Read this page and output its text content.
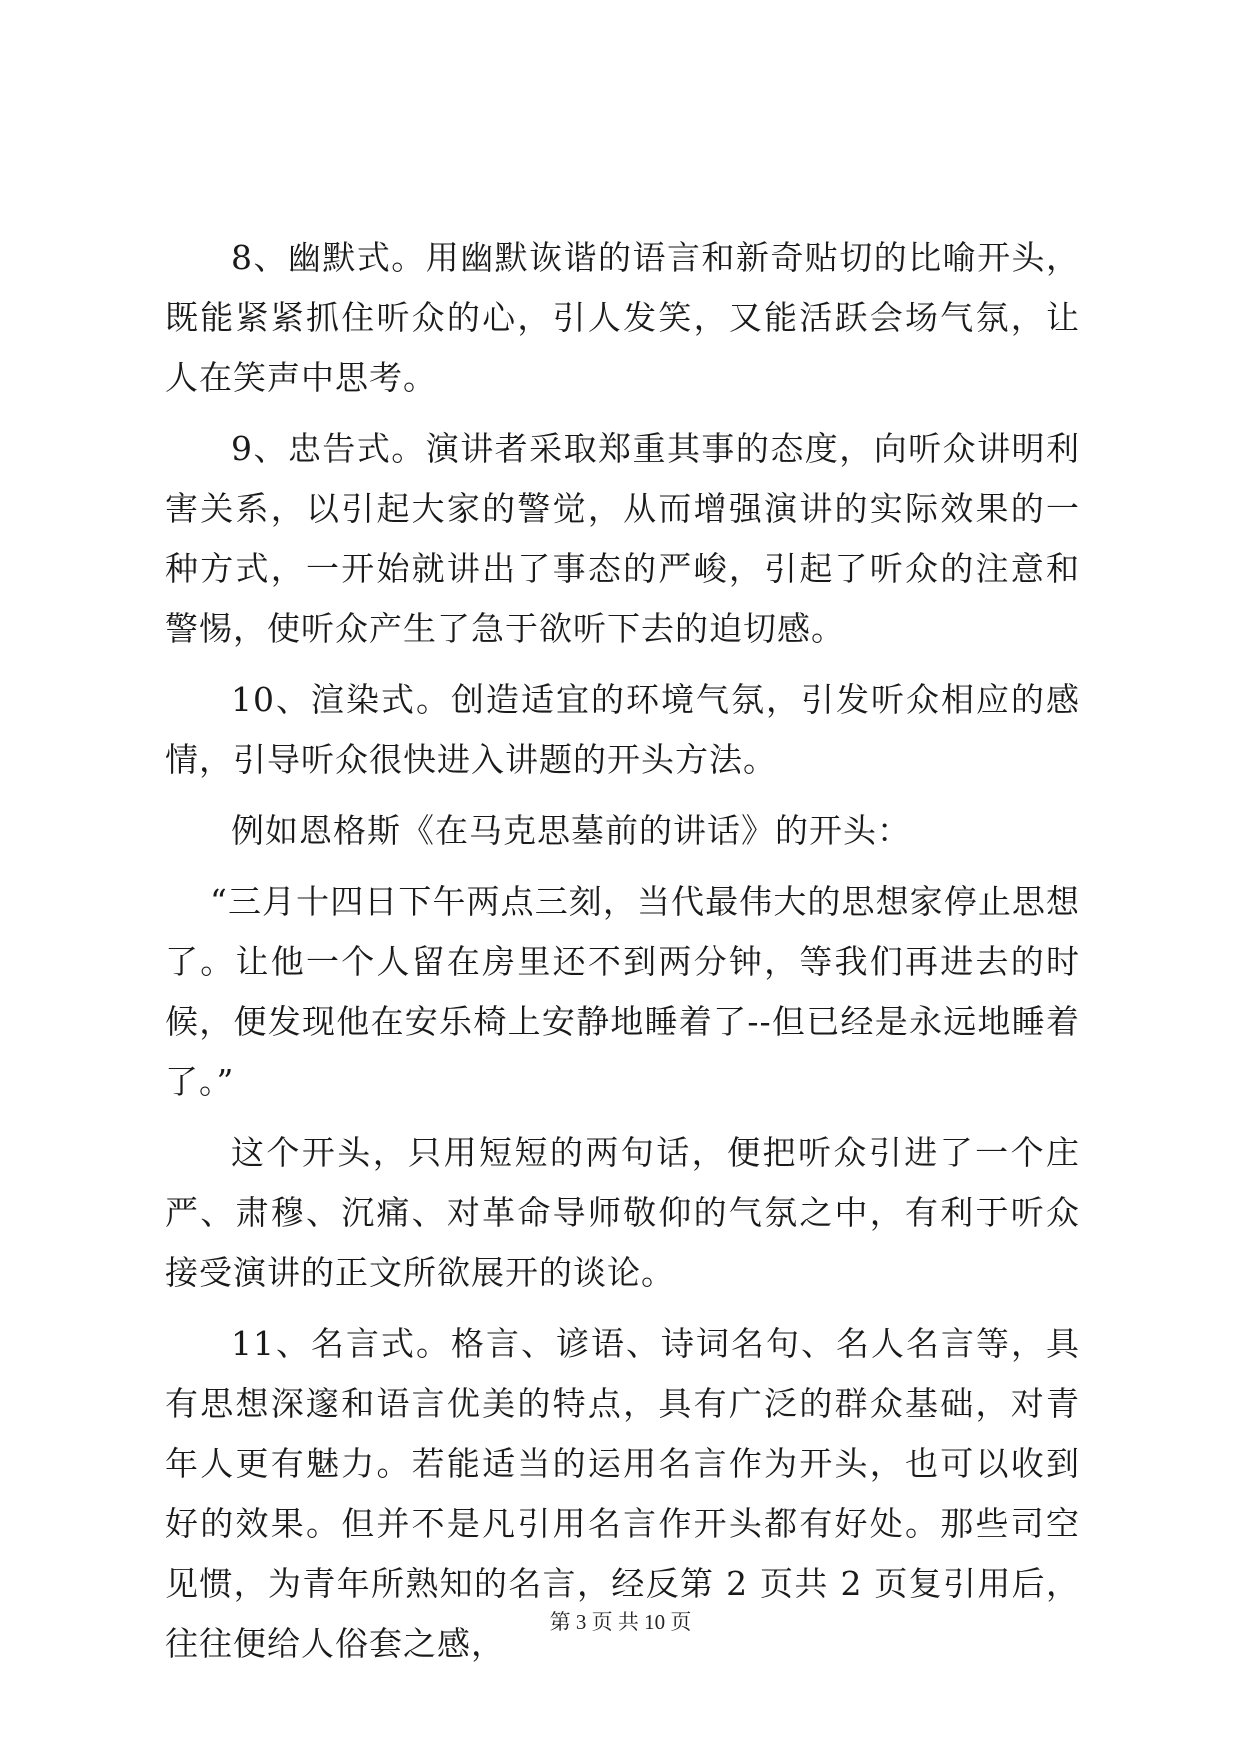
8、幽默式。用幽默诙谐的语言和新奇贴切的比喻开头，既能紧紧抓住听众的心，引人发笑，又能活跃会场气氛，让人在笑声中思考。

9、忠告式。演讲者采取郑重其事的态度，向听众讲明利害关系，以引起大家的警觉，从而增强演讲的实际效果的一种方式，一开始就讲出了事态的严峻，引起了听众的注意和警惕，使听众产生了急于欲听下去的迫切感。

10、渲染式。创造适宜的环境气氛，引发听众相应的感情，引导听众很快进入讲题的开头方法。

例如恩格斯《在马克思墓前的讲话》的开头：

“三月十四日下午两点三刻，当代最伟大的思想家停止思想了。让他一个人留在房里还不到两分钟，等我们再进去的时候，便发现他在安乐椅上安静地睡着了--但已经是永远地睡着了。”

这个开头，只用短短的两句话，便把听众引进了一个庄严、肃穆、沉痛、对革命导师敬仰的气氛之中，有利于听众接受演讲的正文所欲展开的谈论。

11、名言式。格言、谚语、诗词名句、名人名言等，具有思想深邃和语言优美的特点，具有广泛的群众基础，对青年人更有魅力。若能适当的运用名言作为开头，也可以收到好的效果。但并不是凡引用名言作开头都有好处。那些司空见惯，为青年所熟知的名言，经反第 2 页共 2 页复引用后，往往便给人俗套之感，

第 3 页 共 10 页
